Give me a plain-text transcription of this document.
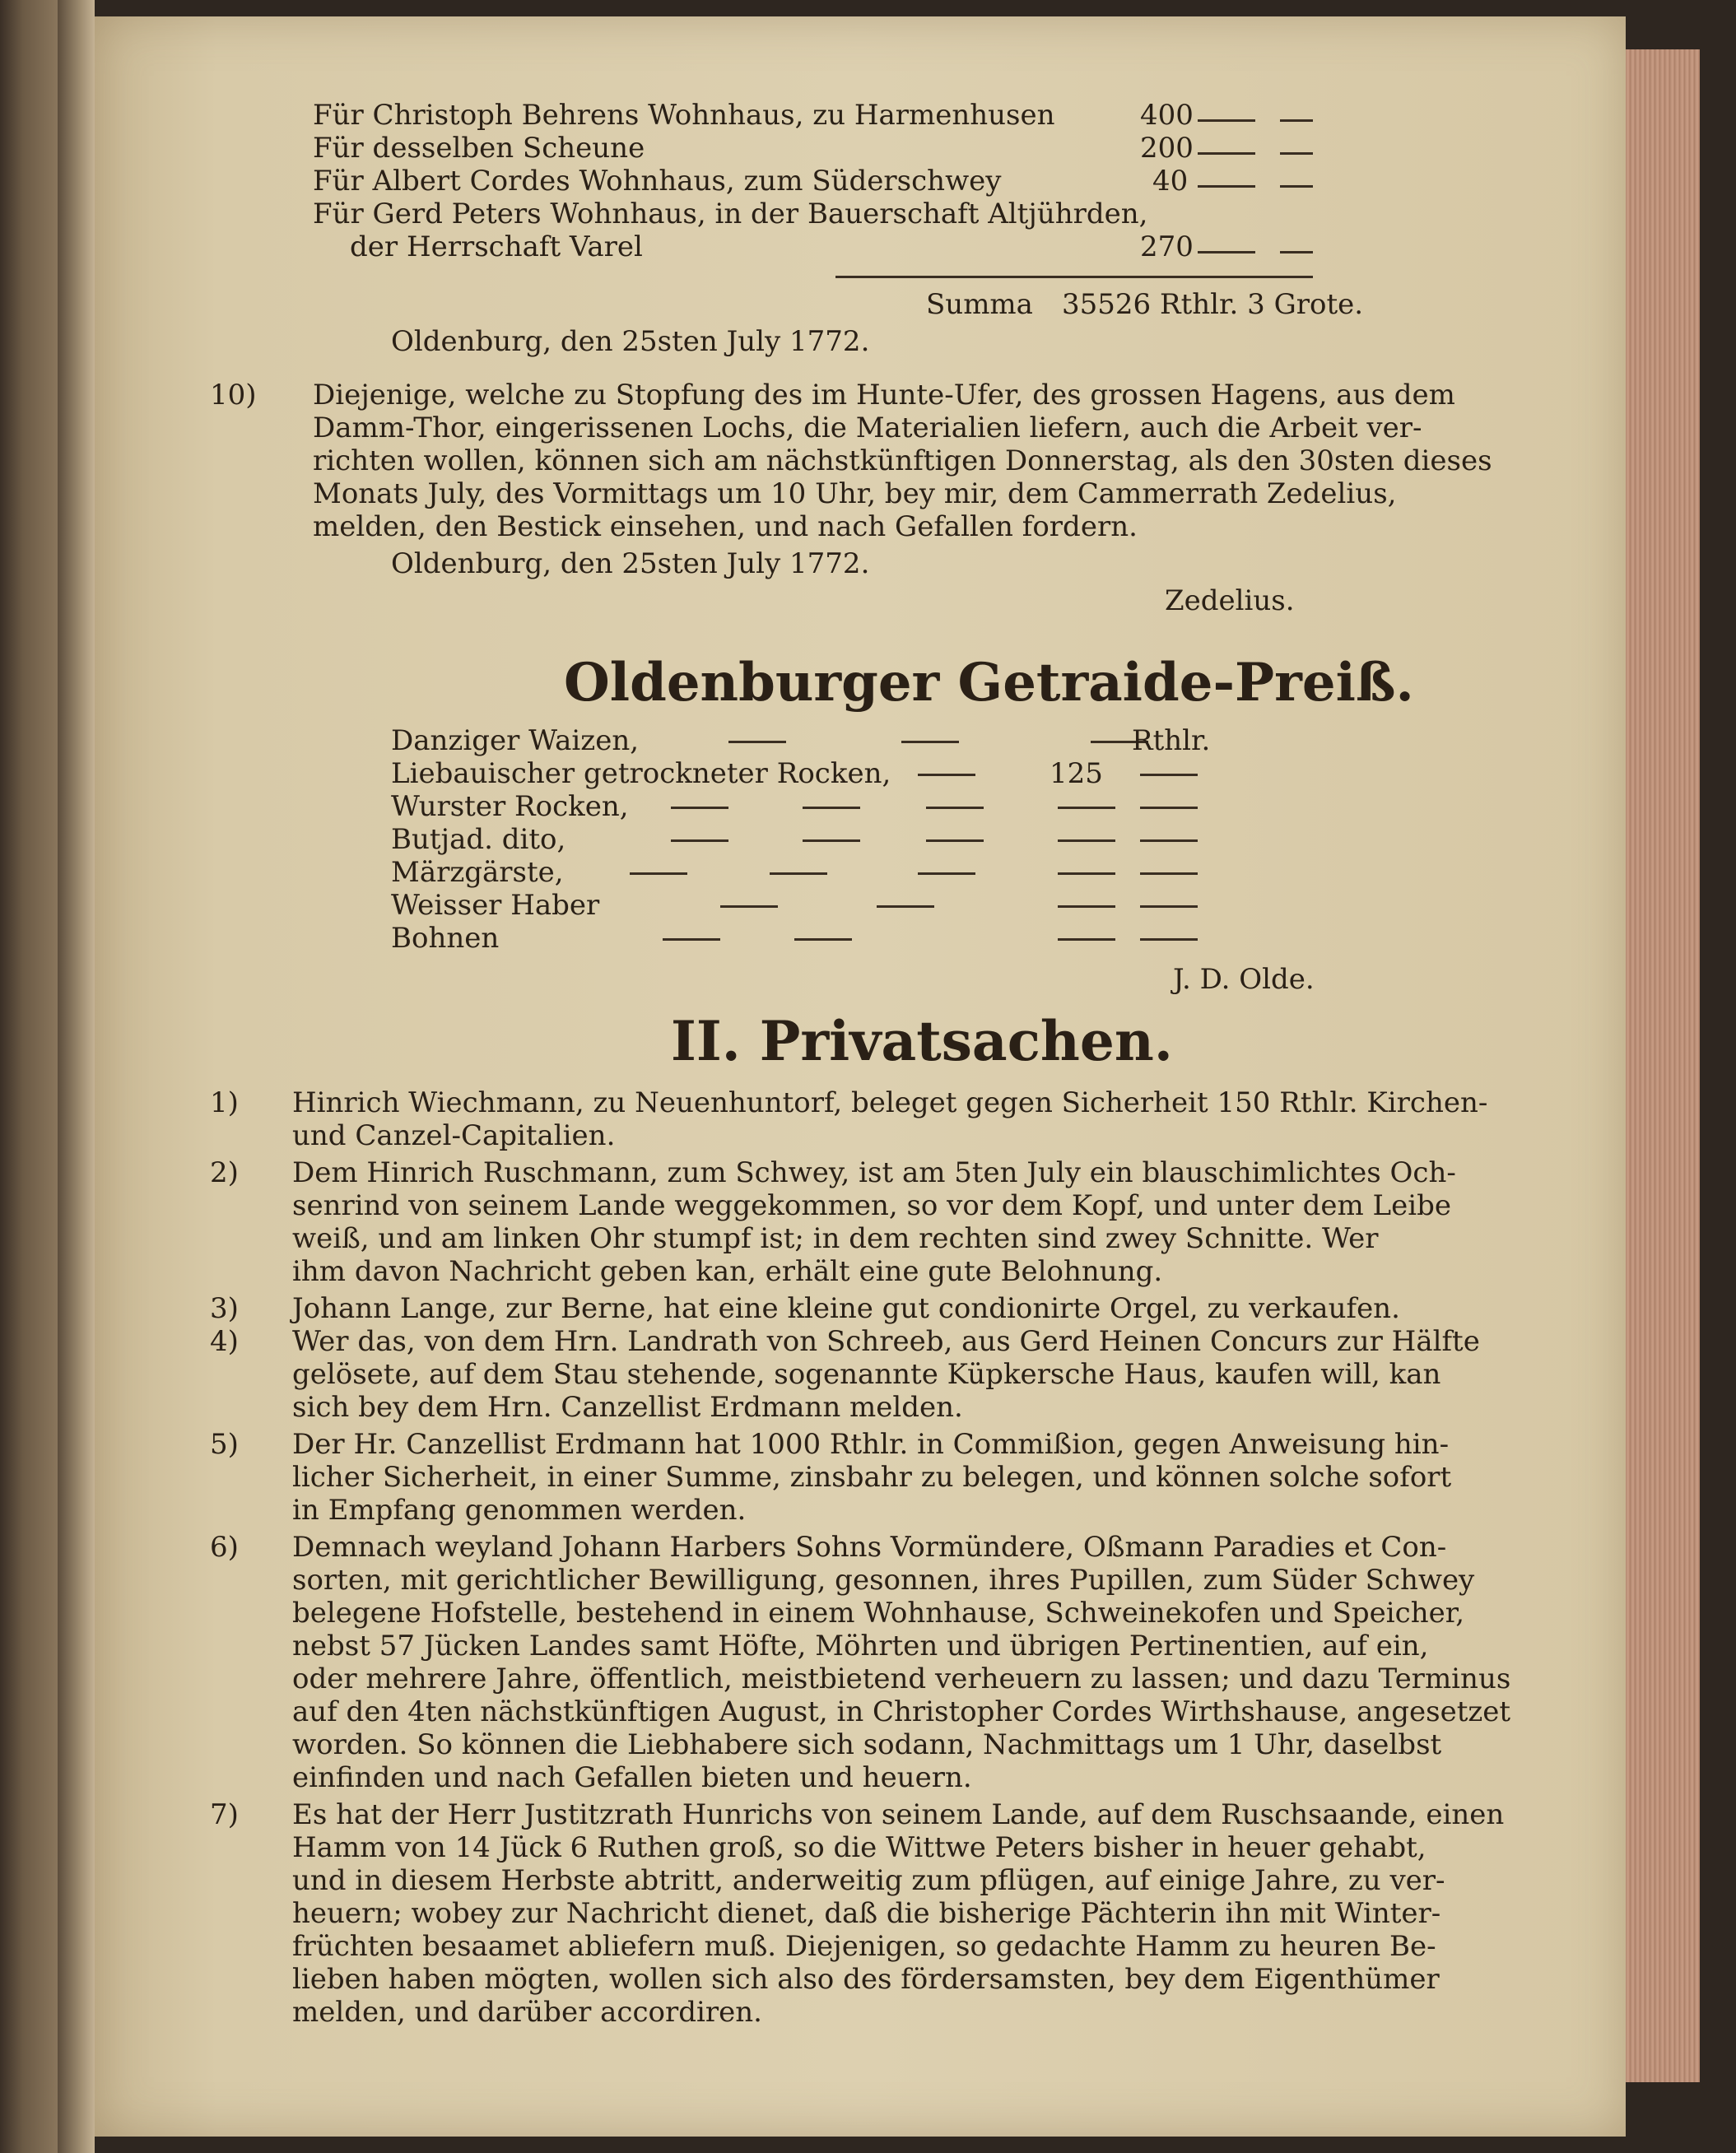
Für Christoph Behrens Wohnhaus, zu Harmenhusen	400
Für desselben Scheune	200
Für Albert Cordes Wohnhaus, zum Süderschwey	40
Für Gerd Peters Wohnhaus, in der Bauerschaft Altjührden,
der Herrschaft Varel	270
Summa 35526 Rthlr. 3 Grote.
Oldenburg, den 25sten July 1772.
10) Diejenige, welche zu Stopfung des im Hunte-Ufer, des grossen Hagens, aus dem
Damm-Thor, eingerissenen Lochs, die Materialien liefern, auch die Arbeit ver-
richten wollen, können sich am nächstkünftigen Donnerstag, als den 30sten dieses
Monats July, des Vormittags um 10 Uhr, bey mir, dem Cammerrath Zedelius,
melden, den Bestick einsehen, und nach Gefallen fordern.
Oldenburg, den 25sten July 1772.
Zedelius.
Oldenburger Getraide-Preiß.
Danziger Waizen,	Rthlr.
Liebauischer getrockneter Rocken,	125
Wurster Rocken,
Butjad. dito,
Märzgärste,
Weisser Haber
Bohnen
J. D. Olde.
II. Privatsachen.
1) Hinrich Wiechmann, zu Neuenhuntorf, beleget gegen Sicherheit 150 Rthlr. Kirchen-
und Canzel-Capitalien.
2) Dem Hinrich Ruschmann, zum Schwey, ist am 5ten July ein blauschimlichtes Och-
senrind von seinem Lande weggekommen, so vor dem Kopf, und unter dem Leibe
weiß, und am linken Ohr stumpf ist; in dem rechten sind zwey Schnitte. Wer
ihm davon Nachricht geben kan, erhält eine gute Belohnung.
3) Johann Lange, zur Berne, hat eine kleine gut condionirte Orgel, zu verkaufen.
4) Wer das, von dem Hrn. Landrath von Schreeb, aus Gerd Heinen Concurs zur Hälfte
gelösete, auf dem Stau stehende, sogenannte Küpkersche Haus, kaufen will, kan
sich bey dem Hrn. Canzellist Erdmann melden.
5) Der Hr. Canzellist Erdmann hat 1000 Rthlr. in Commißion, gegen Anweisung hin-
licher Sicherheit, in einer Summe, zinsbahr zu belegen, und können solche sofort
in Empfang genommen werden.
6) Demnach weyland Johann Harbers Sohns Vormündere, Oßmann Paradies et Con-
sorten, mit gerichtlicher Bewilligung, gesonnen, ihres Pupillen, zum Süder Schwey
belegene Hofstelle, bestehend in einem Wohnhause, Schweinekofen und Speicher,
nebst 57 Jücken Landes samt Höfte, Möhrten und übrigen Pertinentien, auf ein,
oder mehrere Jahre, öffentlich, meistbietend verheuern zu lassen; und dazu Terminus
auf den 4ten nächstkünftigen August, in Christopher Cordes Wirthshause, angesetzet
worden. So können die Liebhabere sich sodann, Nachmittags um 1 Uhr, daselbst
einfinden und nach Gefallen bieten und heuern.
7) Es hat der Herr Justitzrath Hunrichs von seinem Lande, auf dem Ruschsaande, einen
Hamm von 14 Jück 6 Ruthen groß, so die Wittwe Peters bisher in heuer gehabt,
und in diesem Herbste abtritt, anderweitig zum pflügen, auf einige Jahre, zu ver-
heuern; wobey zur Nachricht dienet, daß die bisherige Pächterin ihn mit Winter-
früchten besaamet abliefern muß. Diejenigen, so gedachte Hamm zu heuren Be-
lieben haben mögten, wollen sich also des fördersamsten, bey dem Eigenthümer
melden, und darüber accordiren.
